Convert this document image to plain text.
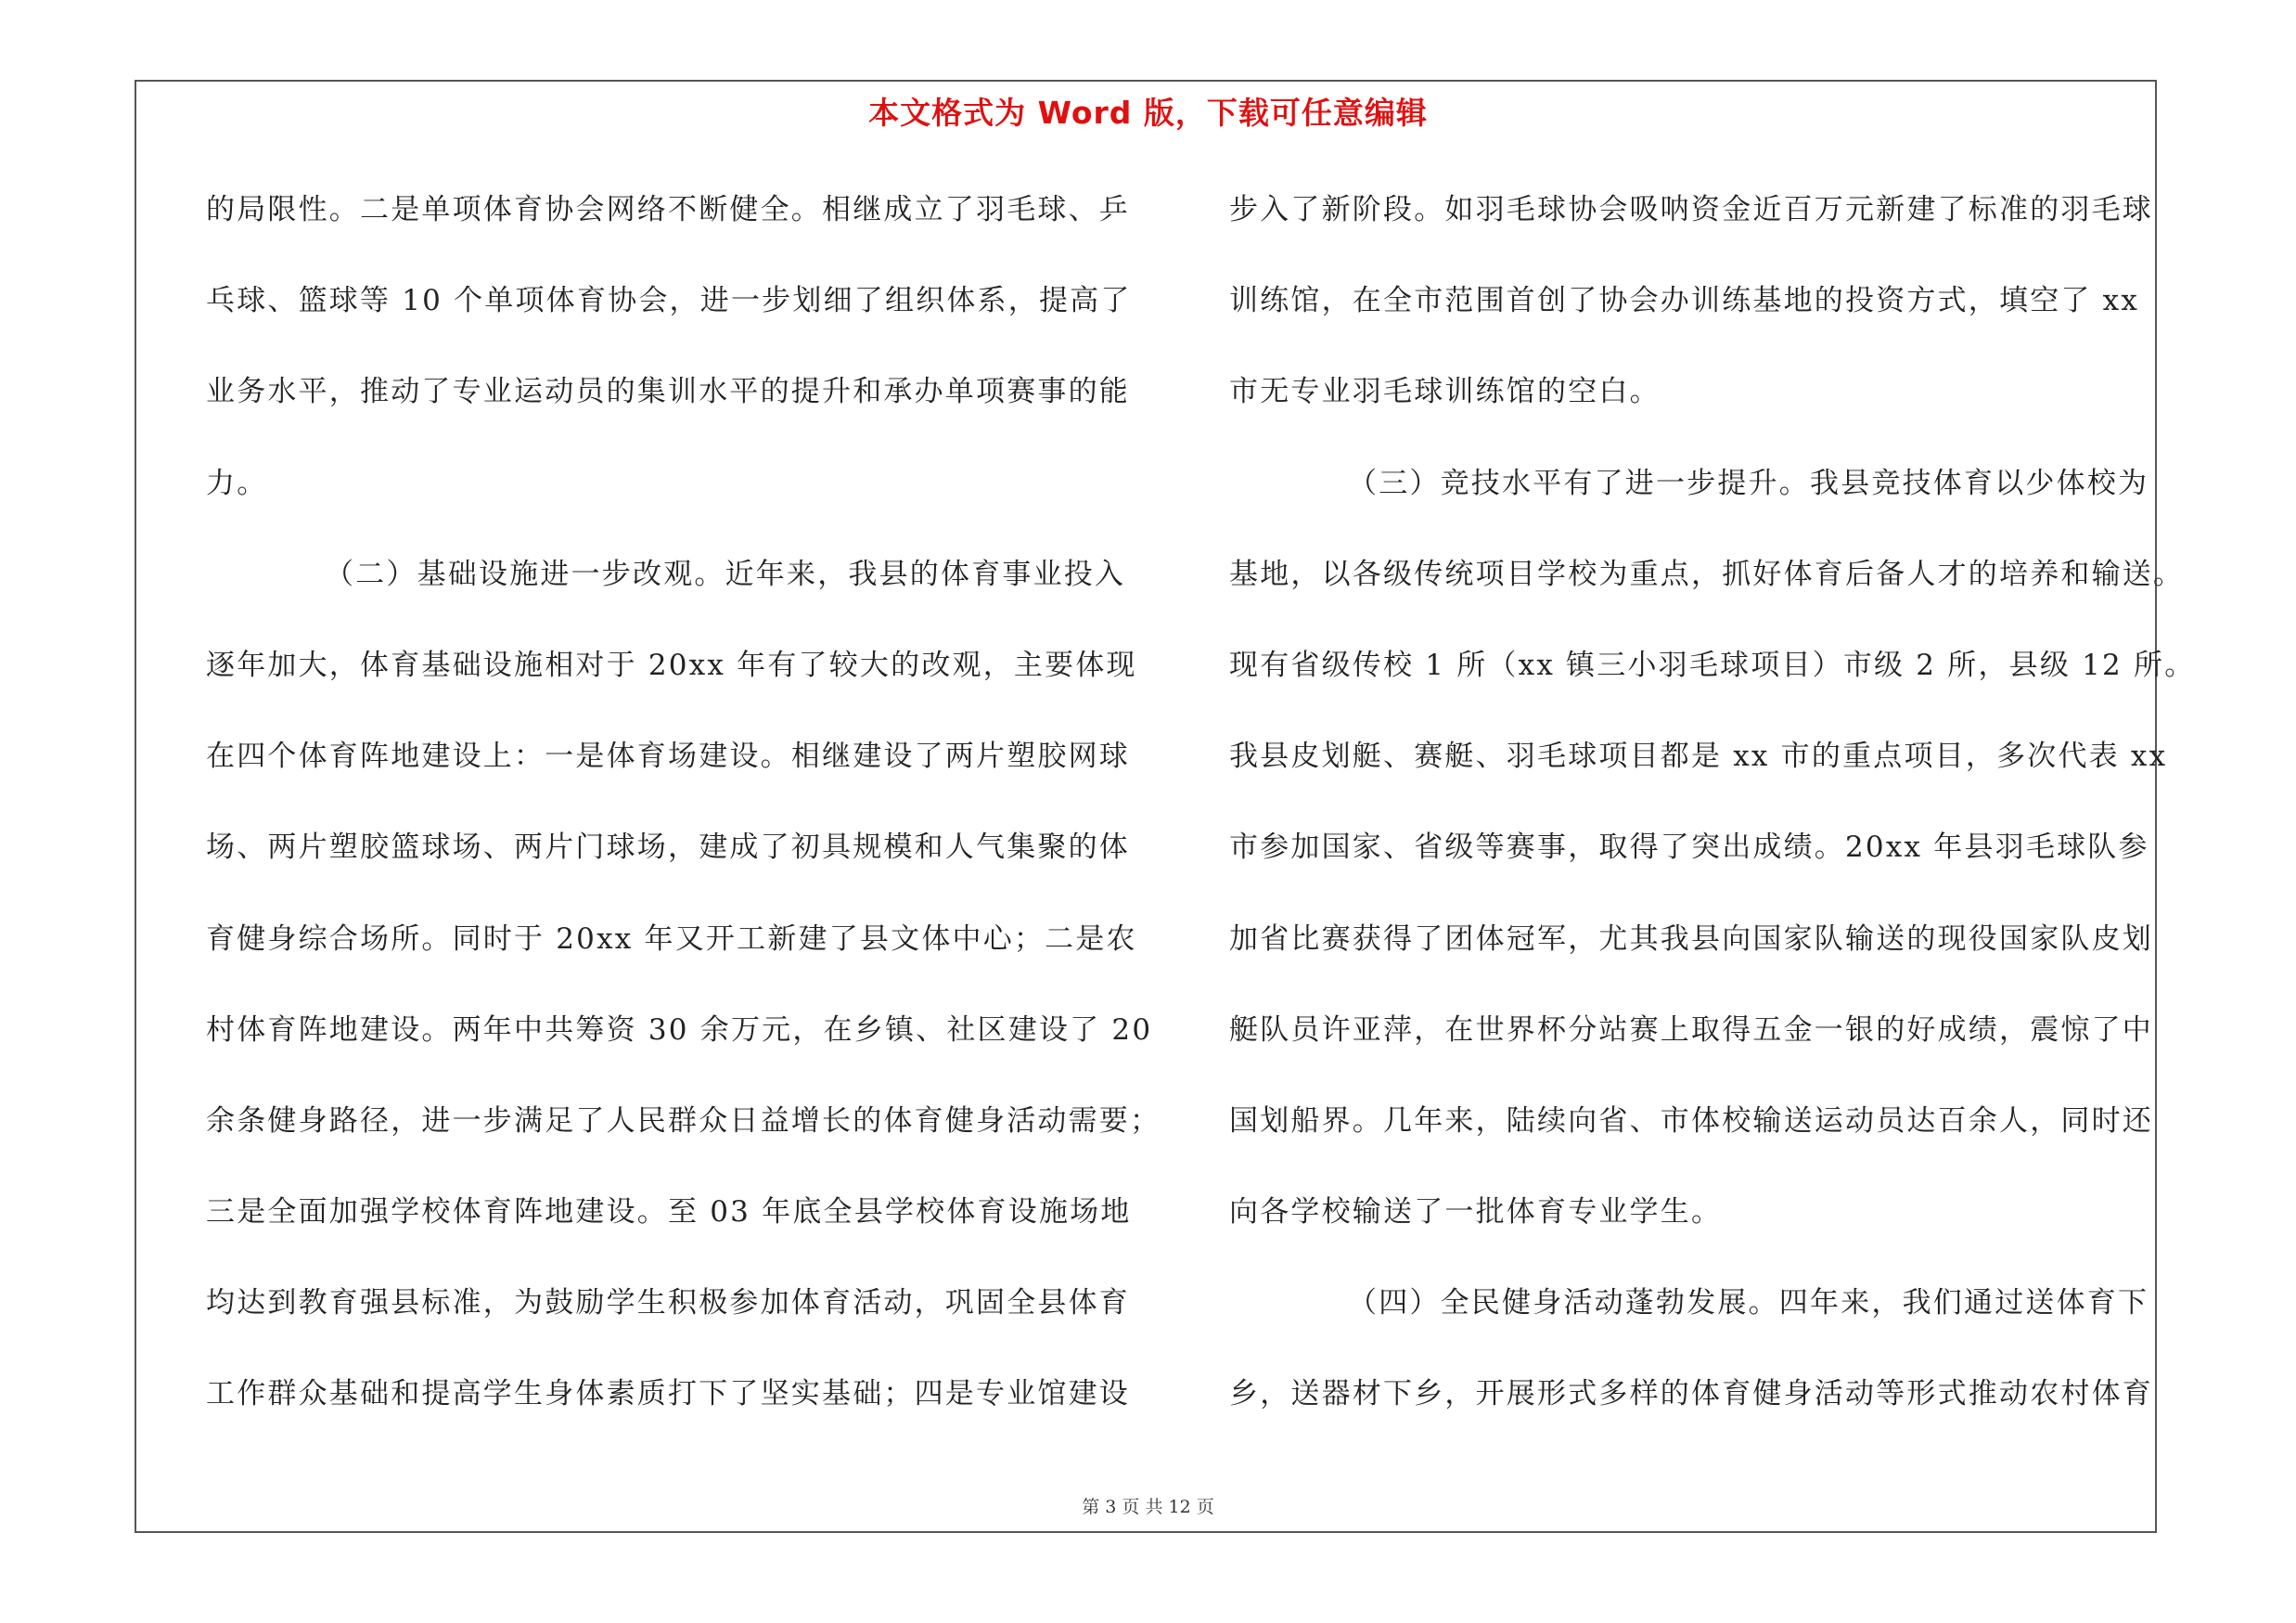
本文格式为 Word 版，下载可任意编辑
的局限性。二是单项体育协会网络不断健全。相继成立了羽毛球、乒
乓球、篮球等 10 个单项体育协会，进一步划细了组织体系，提高了
业务水平，推动了专业运动员的集训水平的提升和承办单项赛事的能
力。
（二）基础设施进一步改观。近年来，我县的体育事业投入
逐年加大，体育基础设施相对于 20xx 年有了较大的改观，主要体现
在四个体育阵地建设上：一是体育场建设。相继建设了两片塑胶网球
场、两片塑胶篮球场、两片门球场，建成了初具规模和人气集聚的体
育健身综合场所。同时于 20xx 年又开工新建了县文体中心；二是农
村体育阵地建设。两年中共筹资 30 余万元，在乡镇、社区建设了 20
余条健身路径，进一步满足了人民群众日益增长的体育健身活动需要；
三是全面加强学校体育阵地建设。至 03 年底全县学校体育设施场地
均达到教育强县标准，为鼓励学生积极参加体育活动，巩固全县体育
工作群众基础和提高学生身体素质打下了坚实基础；四是专业馆建设
步入了新阶段。如羽毛球协会吸呐资金近百万元新建了标准的羽毛球
训练馆，在全市范围首创了协会办训练基地的投资方式，填空了 xx
市无专业羽毛球训练馆的空白。
（三）竞技水平有了进一步提升。我县竞技体育以少体校为
基地，以各级传统项目学校为重点，抓好体育后备人才的培养和输送。
现有省级传校 1 所（xx 镇三小羽毛球项目）市级 2 所，县级 12 所。
我县皮划艇、赛艇、羽毛球项目都是 xx 市的重点项目，多次代表 xx
市参加国家、省级等赛事，取得了突出成绩。20xx 年县羽毛球队参
加省比赛获得了团体冠军，尤其我县向国家队输送的现役国家队皮划
艇队员许亚萍，在世界杯分站赛上取得五金一银的好成绩，震惊了中
国划船界。几年来，陆续向省、市体校输送运动员达百余人，同时还
向各学校输送了一批体育专业学生。
（四）全民健身活动蓬勃发展。四年来，我们通过送体育下
乡，送器材下乡，开展形式多样的体育健身活动等形式推动农村体育
第 3 页 共 12 页
